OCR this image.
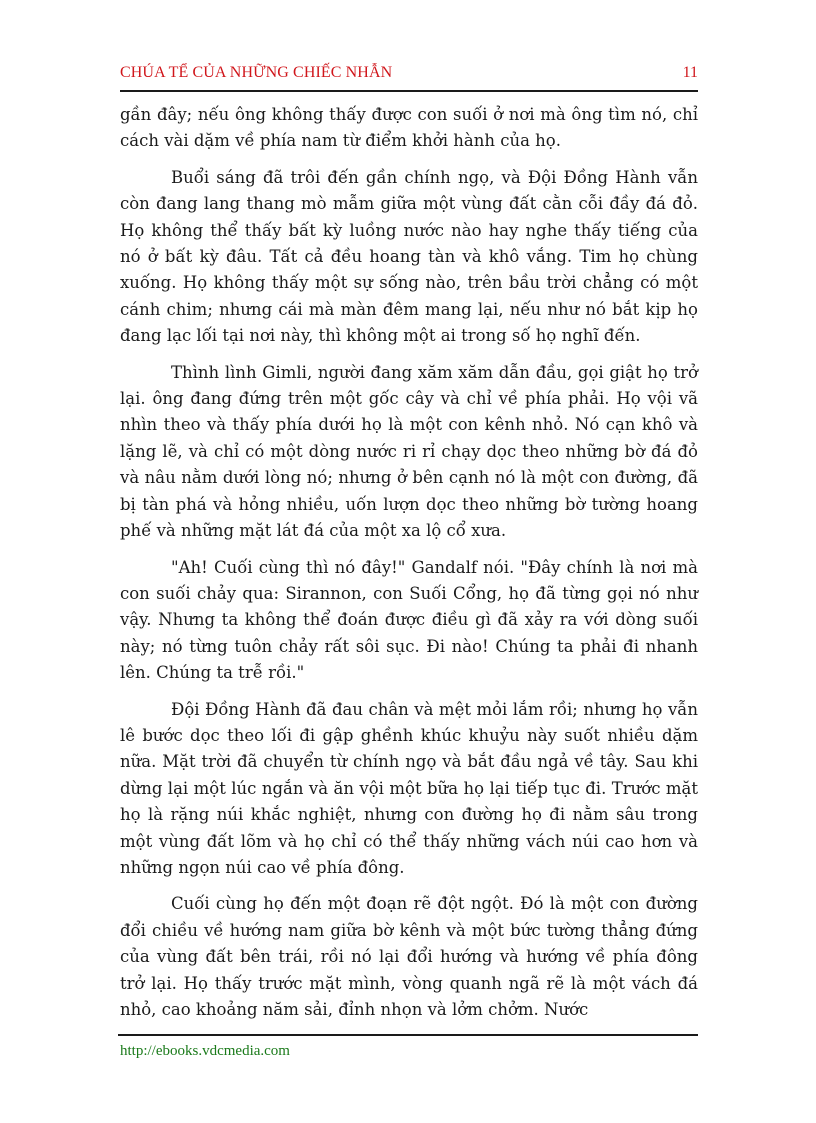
CHÚA TỂ CỦA NHỮNG CHIẾC NHẪN	11

gần đây; nếu ông không thấy được con suối ở nơi mà ông tìm nó, chỉ cách vài dặm về phía nam từ điểm khởi hành của họ.

Buổi sáng đã trôi đến gần chính ngọ, và Đội Đồng Hành vẫn còn đang lang thang mò mẫm giữa một vùng đất cằn cỗi đầy đá đỏ. Họ không thể thấy bất kỳ luồng nước nào hay nghe thấy tiếng của nó ở bất kỳ đâu. Tất cả đều hoang tàn và khô vắng. Tim họ chùng xuống. Họ không thấy một sự sống nào, trên bầu trời chẳng có một cánh chim; nhưng cái mà màn đêm mang lại, nếu như nó bắt kịp họ đang lạc lối tại nơi này, thì không một ai trong số họ nghĩ đến.

Thình lình Gimli, người đang xăm xăm dẫn đầu, gọi giật họ trở lại. ông đang đứng trên một gốc cây và chỉ về phía phải. Họ vội vã nhìn theo và thấy phía dưới họ là một con kênh nhỏ. Nó cạn khô và lặng lẽ, và chỉ có một dòng nước ri rỉ chạy dọc theo những bờ đá đỏ và nâu nằm dưới lòng nó; nhưng ở bên cạnh nó là một con đường, đã bị tàn phá và hỏng nhiều, uốn lượn dọc theo những bờ tường hoang phế và những mặt lát đá của một xa lộ cổ xưa.

"Ah! Cuối cùng thì nó đây!" Gandalf nói. "Đây chính là nơi mà con suối chảy qua: Sirannon, con Suối Cổng, họ đã từng gọi nó như vậy. Nhưng ta không thể đoán được điều gì đã xảy ra với dòng suối này; nó từng tuôn chảy rất sôi sục. Đi nào! Chúng ta phải đi nhanh lên. Chúng ta trễ rồi."

Đội Đồng Hành đã đau chân và mệt mỏi lắm rồi; nhưng họ vẫn lê bước dọc theo lối đi gập ghềnh khúc khuỷu này suốt nhiều dặm nữa. Mặt trời đã chuyển từ chính ngọ và bắt đầu ngả về tây. Sau khi dừng lại một lúc ngắn và ăn vội một bữa họ lại tiếp tục đi. Trước mặt họ là rặng núi khắc nghiệt, nhưng con đường họ đi nằm sâu trong một vùng đất lõm và họ chỉ có thể thấy những vách núi cao hơn và những ngọn núi cao về phía đông.

Cuối cùng họ đến một đoạn rẽ đột ngột. Đó là một con đường đổi chiều về hướng nam giữa bờ kênh và một bức tường thẳng đứng của vùng đất bên trái, rồi nó lại đổi hướng và hướng về phía đông trở lại. Họ thấy trước mặt mình, vòng quanh ngã rẽ là một vách đá nhỏ, cao khoảng năm sải, đỉnh nhọn và lởm chởm. Nước

http://ebooks.vdcmedia.com
